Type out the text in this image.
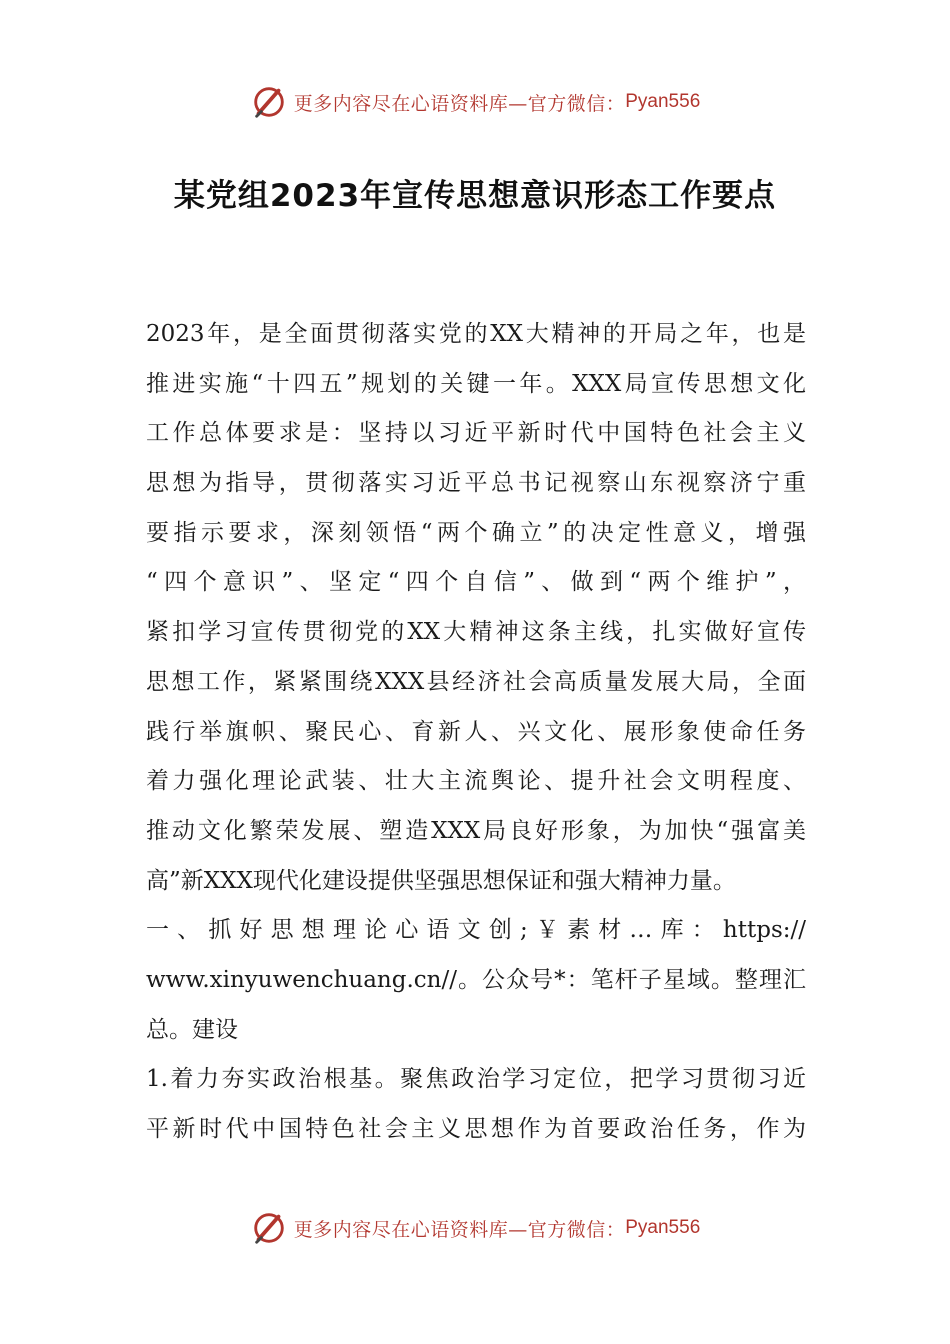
更多内容尽在心语资料库—官方微信： Pyan556
某党组2023年宣传思想意识形态工作要点
2023年，是全面贯彻落实党的XX大精神的开局之年，也是
推进实施“十四五”规划的关键一年。XXX局宣传思想文化
工作总体要求是：坚持以习近平新时代中国特色社会主义
思想为指导，贯彻落实习近平总书记视察山东视察济宁重
要指示要求，深刻领悟“两个确立”的决定性意义，增强
“四个意识”、坚定“四个自信”、做到“两个维护”，
紧扣学习宣传贯彻党的XX大精神这条主线，扎实做好宣传
思想工作，紧紧围绕XXX县经济社会高质量发展大局，全面
践行举旗帜、聚民心、育新人、兴文化、展形象使命任务
着力强化理论武装、壮大主流舆论、提升社会文明程度、
推动文化繁荣发展、塑造XXX局良好形象，为加快“强富美
高”新XXX现代化建设提供坚强思想保证和强大精神力量。
一、抓好思想理论心语文创;￥素材…库：https://
www.xinyuwenchuang.cn//。公众号*：笔杆子星域。整理汇
总。建设
1.着力夯实政治根基。聚焦政治学习定位，把学习贯彻习近
平新时代中国特色社会主义思想作为首要政治任务，作为
更多内容尽在心语资料库—官方微信： Pyan556
